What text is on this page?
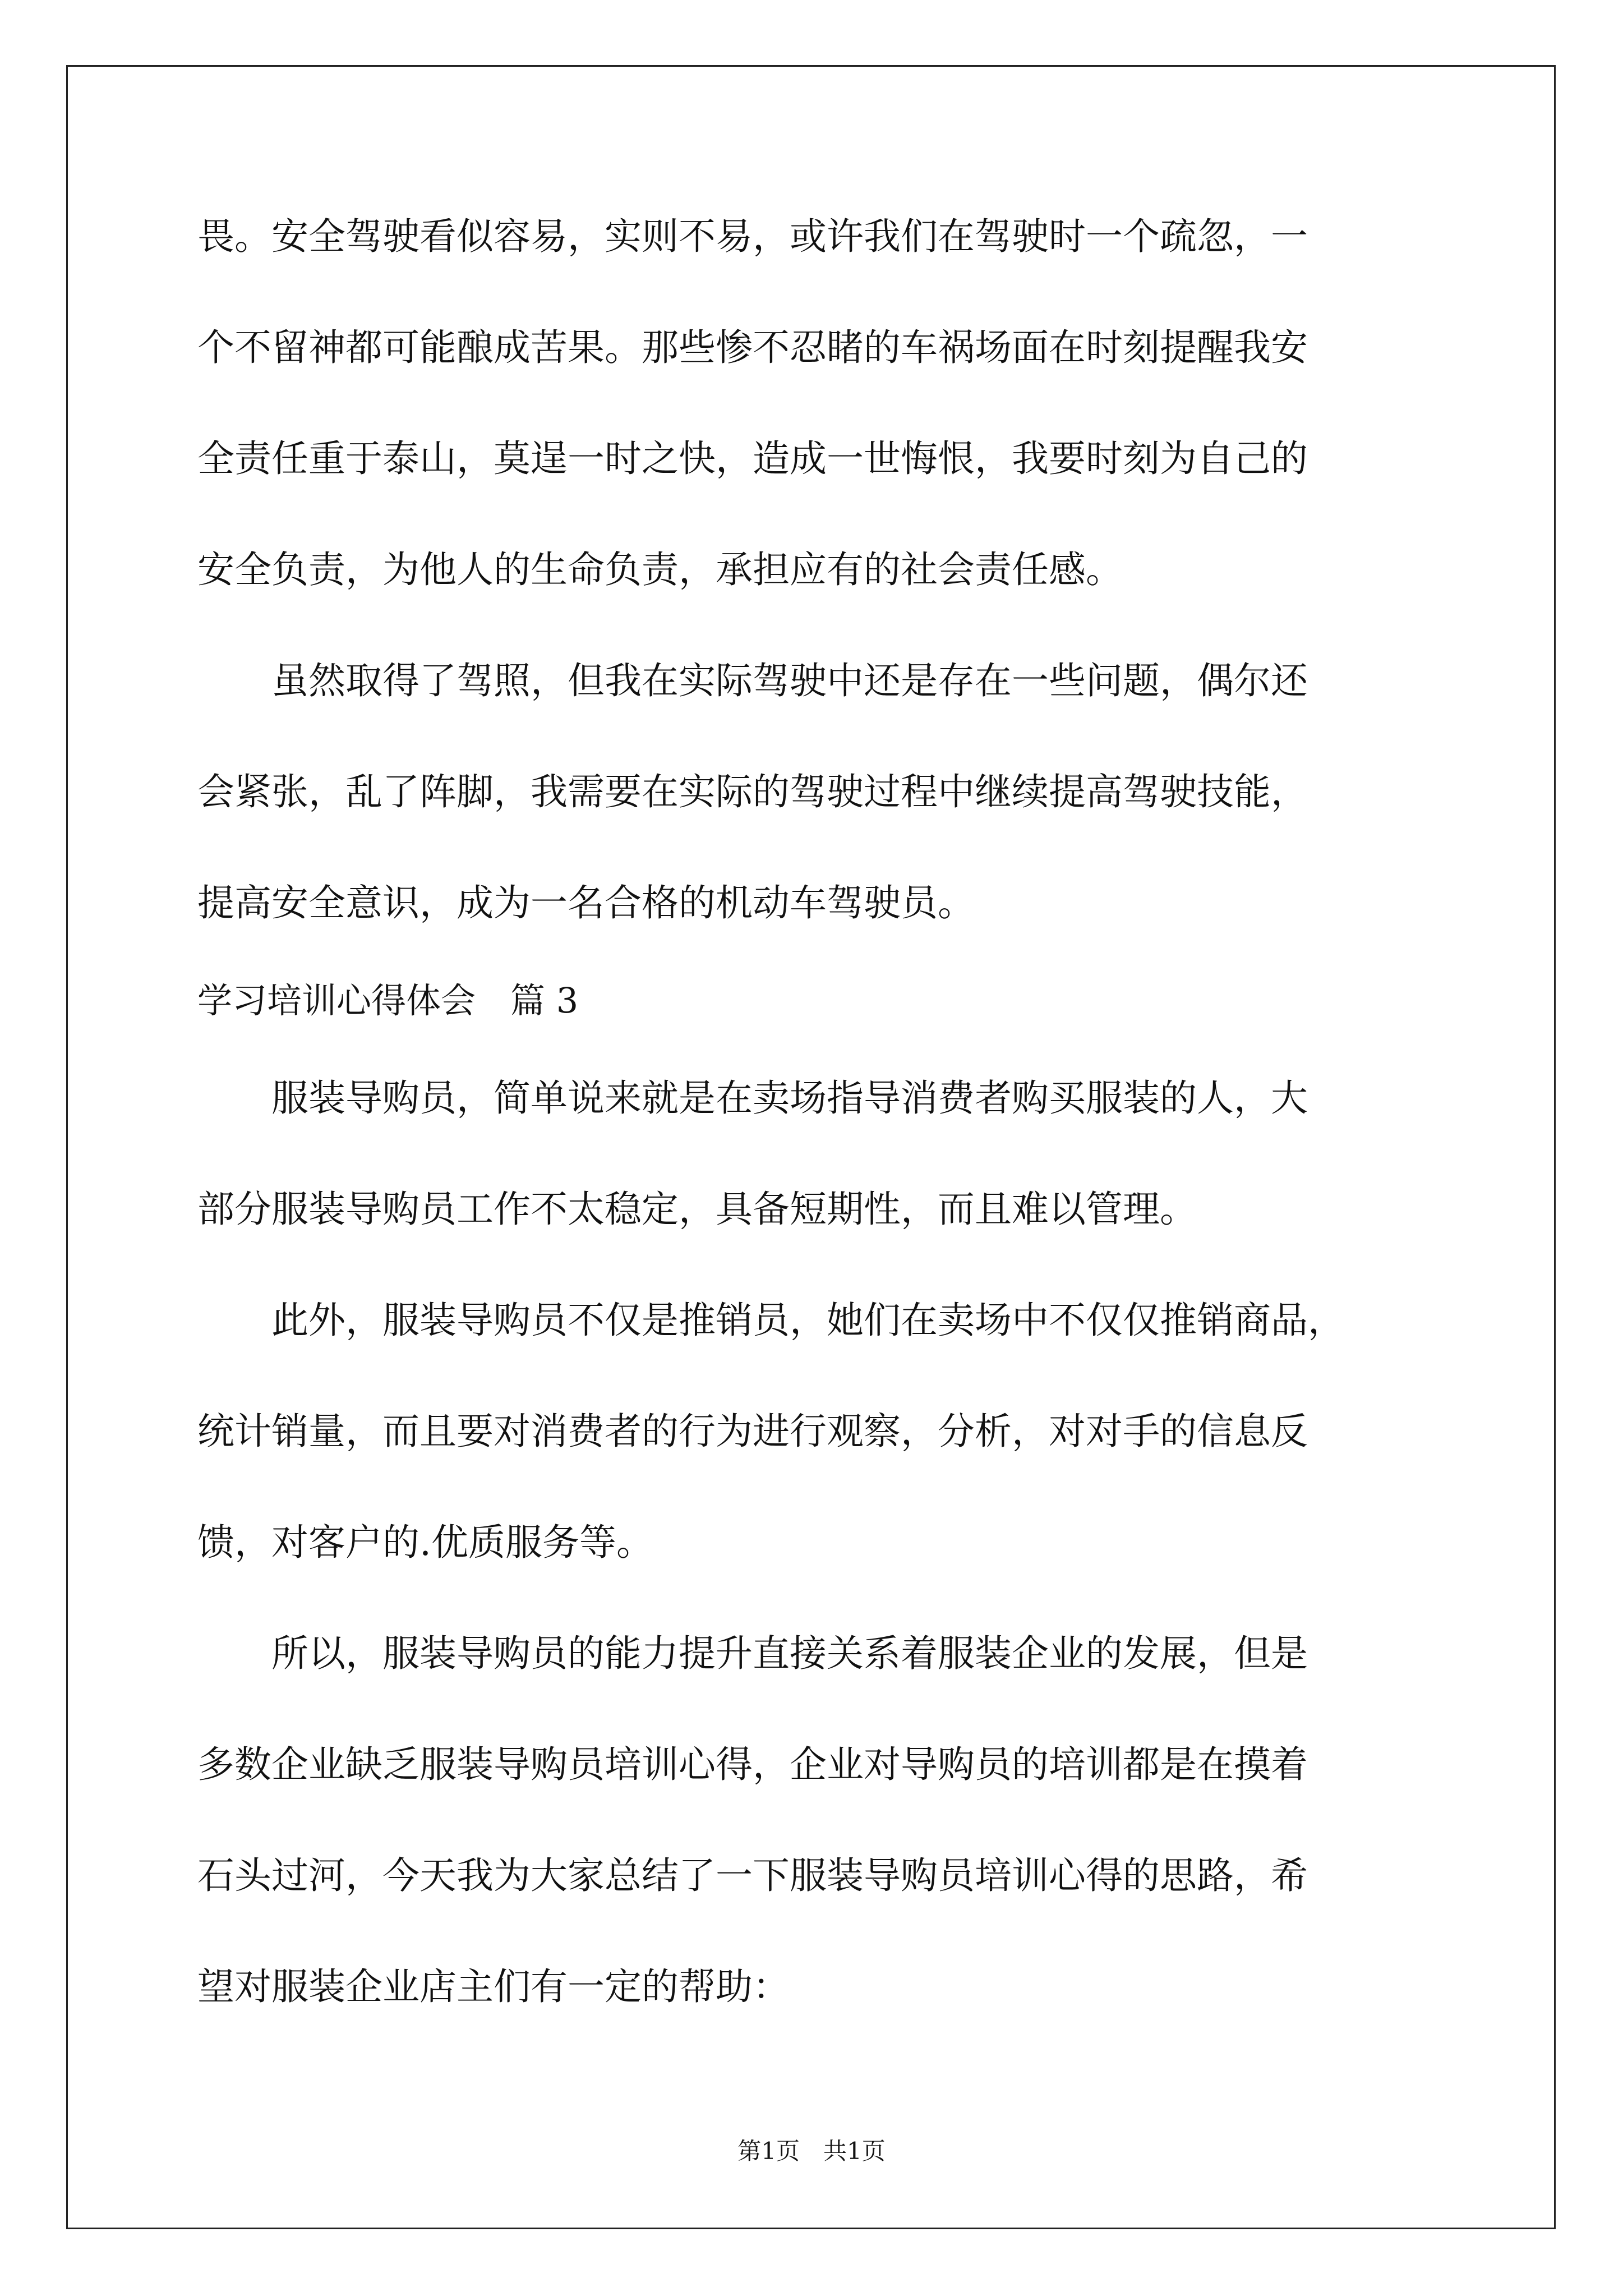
畏。安全驾驶看似容易，实则不易，或许我们在驾驶时一个疏忽，一
个不留神都可能酿成苦果。那些惨不忍睹的车祸场面在时刻提醒我安
全责任重于泰山，莫逞一时之快，造成一世悔恨，我要时刻为自己的
安全负责，为他人的生命负责，承担应有的社会责任感。
　　虽然取得了驾照，但我在实际驾驶中还是存在一些问题，偶尔还
会紧张，乱了阵脚，我需要在实际的驾驶过程中继续提高驾驶技能，
提高安全意识，成为一名合格的机动车驾驶员。
学习培训心得体会　篇 3
　　服装导购员，简单说来就是在卖场指导消费者购买服装的人，大
部分服装导购员工作不太稳定，具备短期性，而且难以管理。
　　此外，服装导购员不仅是推销员，她们在卖场中不仅仅推销商品，
统计销量，而且要对消费者的行为进行观察，分析，对对手的信息反
馈，对客户的.优质服务等。
　　所以，服装导购员的能力提升直接关系着服装企业的发展，但是
多数企业缺乏服装导购员培训心得，企业对导购员的培训都是在摸着
石头过河，今天我为大家总结了一下服装导购员培训心得的思路，希
望对服装企业店主们有一定的帮助：
第1页　共1页
